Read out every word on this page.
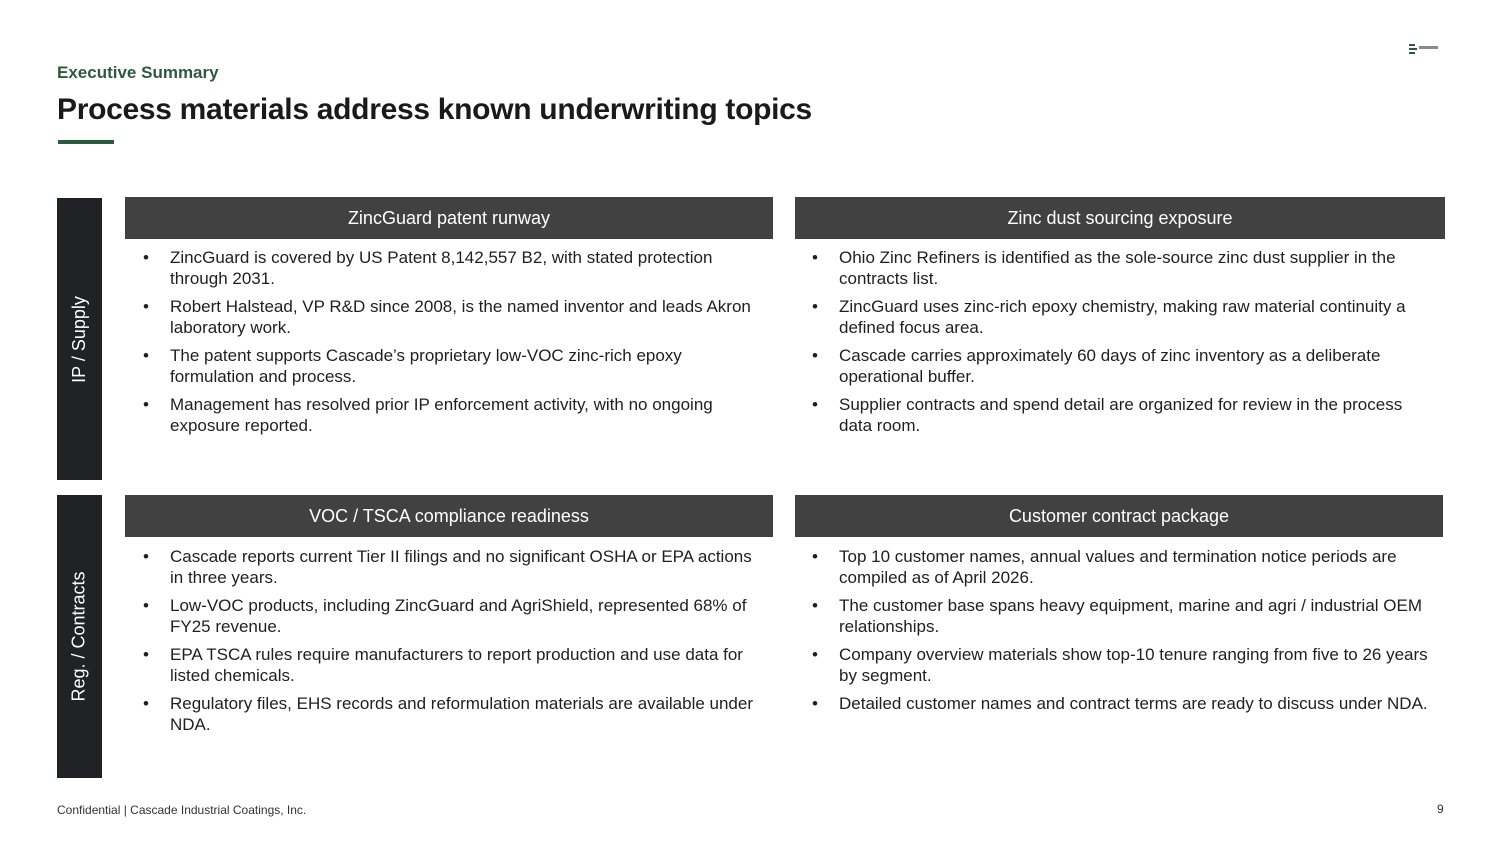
Executive Summary
Process materials address known underwriting topics
IP / Supply
ZincGuard patent runway
• ZincGuard is covered by US Patent 8,142,557 B2, with stated protection through 2031.
• Robert Halstead, VP R&D since 2008, is the named inventor and leads Akron laboratory work.
• The patent supports Cascade’s proprietary low-VOC zinc-rich epoxy formulation and process.
• Management has resolved prior IP enforcement activity, with no ongoing exposure reported.
Zinc dust sourcing exposure
• Ohio Zinc Refiners is identified as the sole-source zinc dust supplier in the contracts list.
• ZincGuard uses zinc-rich epoxy chemistry, making raw material continuity a defined focus area.
• Cascade carries approximately 60 days of zinc inventory as a deliberate operational buffer.
• Supplier contracts and spend detail are organized for review in the process data room.
Reg. / Contracts
VOC / TSCA compliance readiness
• Cascade reports current Tier II filings and no significant OSHA or EPA actions in three years.
• Low-VOC products, including ZincGuard and AgriShield, represented 68% of FY25 revenue.
• EPA TSCA rules require manufacturers to report production and use data for listed chemicals.
• Regulatory files, EHS records and reformulation materials are available under NDA.
Customer contract package
• Top 10 customer names, annual values and termination notice periods are compiled as of April 2026.
• The customer base spans heavy equipment, marine and agri / industrial OEM relationships.
• Company overview materials show top-10 tenure ranging from five to 26 years by segment.
• Detailed customer names and contract terms are ready to discuss under NDA.
Confidential | Cascade Industrial Coatings, Inc.	9
